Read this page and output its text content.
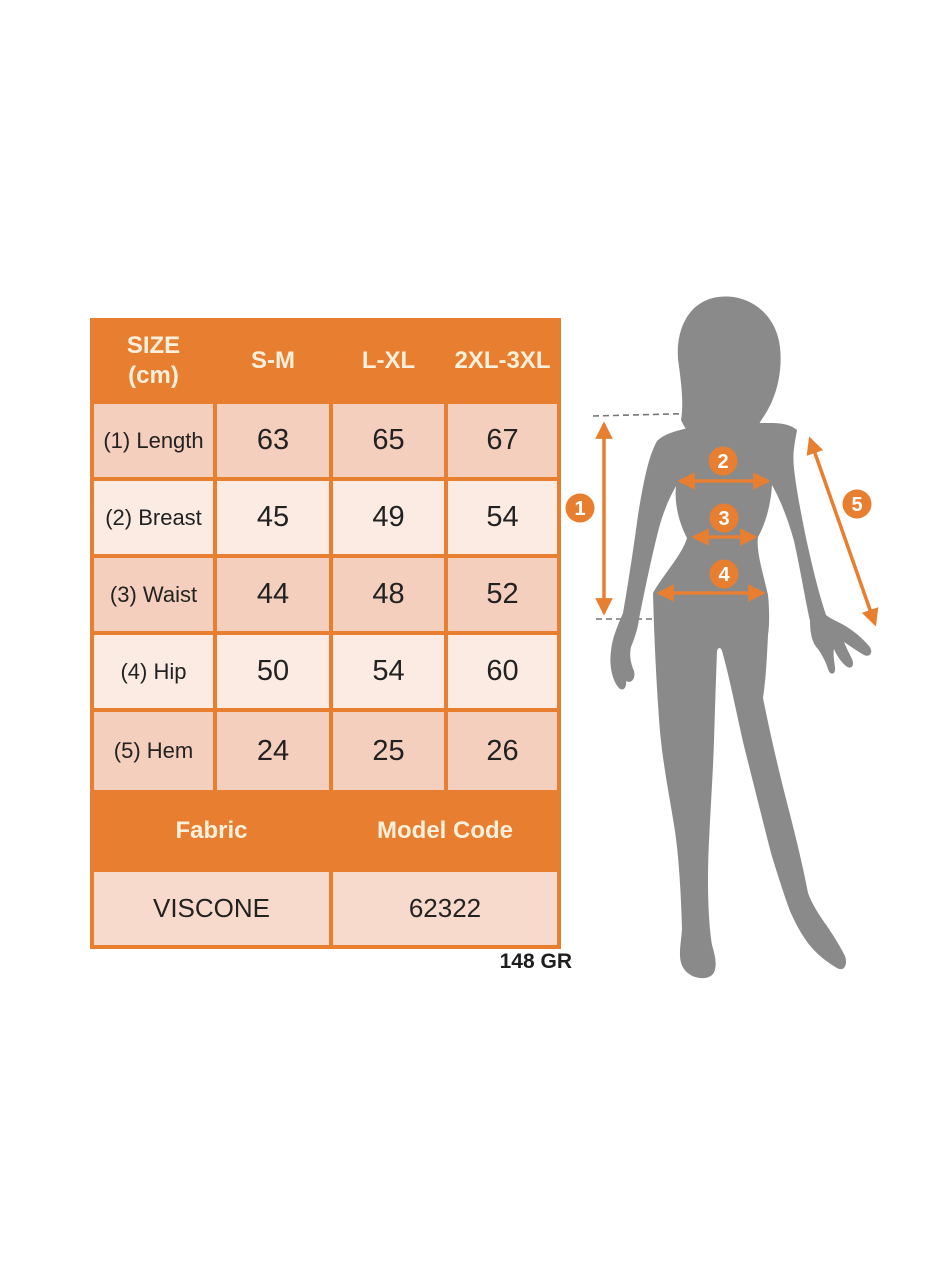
SIZE
(cm)	S-M	L-XL	2XL-3XL
(1) Length	63	65	67
(2) Breast	45	49	54
(3) Waist	44	48	52
(4) Hip	50	54	60
(5) Hem	24	25	26
Fabric		Model Code	
VISCONE		62322	
148 GR
1
2
3
4
5
